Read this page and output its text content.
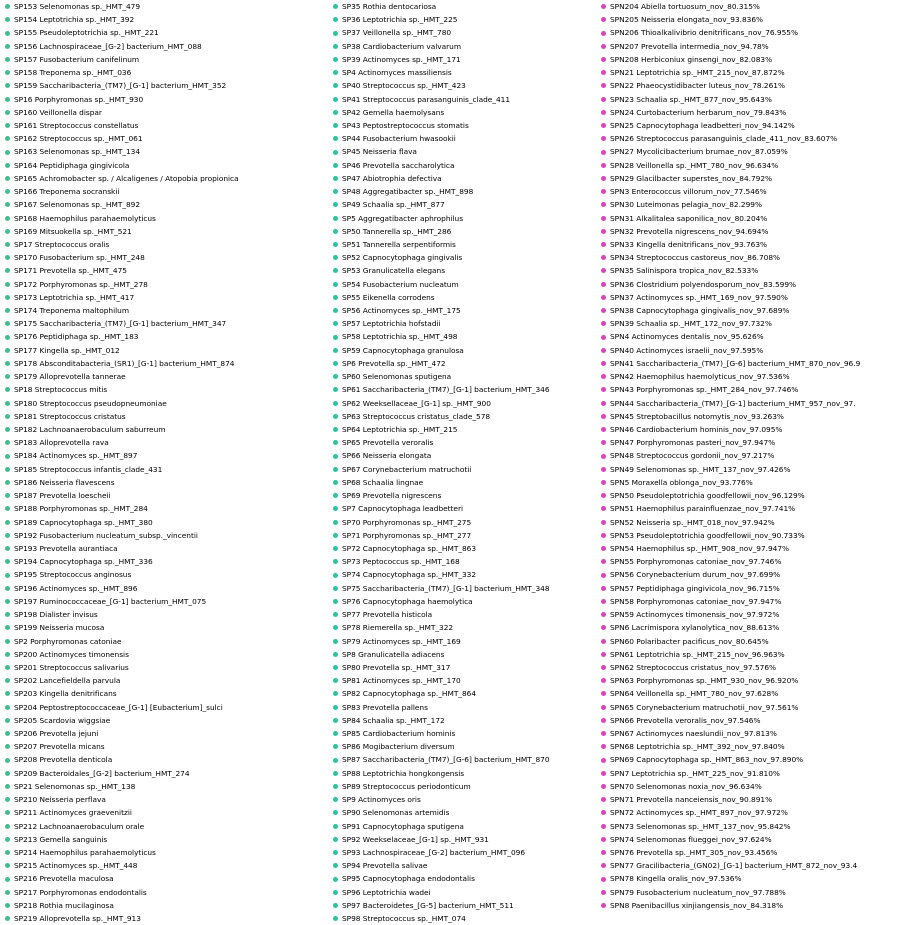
SP153 Selenomonas sp._HMT_479
SP154 Leptotrichia sp._HMT_392
SP155 Pseudoleptotrichia sp._HMT_221
SP156 Lachnospiraceae_[G-2] bacterium_HMT_088
SP157 Fusobacterium canifelinum
SP158 Treponema sp._HMT_036
SP159 Saccharibacteria_(TM7)_[G-1] bacterium_HMT_352
SP16 Porphyromonas sp._HMT_930
SP160 Veillonella dispar
SP161 Streptococcus constellatus
SP162 Streptococcus sp._HMT_061
SP163 Selenomonas sp._HMT_134
SP164 Peptidiphaga gingivicola
SP165 Achromobacter sp. / Alcaligenes / Atopobia propionica
SP166 Treponema socranskii
SP167 Selenomonas sp._HMT_892
SP168 Haemophilus parahaemolyticus
SP169 Mitsuokella sp._HMT_521
SP17 Streptococcus oralis
SP170 Fusobacterium sp._HMT_248
SP171 Prevotella sp._HMT_475
SP172 Porphyromonas sp._HMT_278
SP173 Leptotrichia sp._HMT_417
SP174 Treponema maltophilum
SP175 Saccharibacteria_(TM7)_[G-1] bacterium_HMT_347
SP176 Peptidiphaga sp._HMT_183
SP177 Kingella sp._HMT_012
SP178 Absconditabacteria_(SR1)_[G-1] bacterium_HMT_874
SP179 Alloprevotella tannerae
SP18 Streptococcus mitis
SP180 Streptococcus pseudopneumoniae
SP181 Streptococcus cristatus
SP182 Lachnoanaerobaculum saburreum
SP183 Alloprevotella rava
SP184 Actinomyces sp._HMT_897
SP185 Streptococcus infantis_clade_431
SP186 Neisseria flavescens
SP187 Prevotella loescheii
SP188 Porphyromonas sp._HMT_284
SP189 Capnocytophaga sp._HMT_380
SP192 Fusobacterium nucleatum_subsp._vincentii
SP193 Prevotella aurantiaca
SP194 Capnocytophaga sp._HMT_336
SP195 Streptococcus anginosus
SP196 Actinomyces sp._HMT_896
SP197 Ruminococcaceae_[G-1] bacterium_HMT_075
SP198 Dialister invisus
SP199 Neisseria mucosa
SP2 Porphyromonas catoniae
SP200 Actinomyces timonensis
SP201 Streptococcus salivarius
SP202 Lancefieldella parvula
SP203 Kingella denitrificans
SP204 Peptostreptococcaceae_[G-1] [Eubacterium]_sulci
SP205 Scardovia wiggsiae
SP206 Prevotella jejuni
SP207 Prevotella micans
SP208 Prevotella denticola
SP209 Bacteroidales_[G-2] bacterium_HMT_274
SP21 Selenomonas sp._HMT_138
SP210 Neisseria perflava
SP211 Actinomyces graevenitzii
SP212 Lachnoanaerobaculum orale
SP213 Gemella sanguinis
SP214 Haemophilus parahaemolyticus
SP215 Actinomyces sp._HMT_448
SP216 Prevotella maculosa
SP217 Porphyromonas endodontalis
SP218 Rothia mucilaginosa
SP219 Alloprevotella sp._HMT_913
SP35 Rothia dentocariosa
SP36 Leptotrichia sp._HMT_225
SP37 Veillonella sp._HMT_780
SP38 Cardiobacterium valvarum
SP39 Actinomyces sp._HMT_171
SP4 Actinomyces massiliensis
SP40 Streptococcus sp._HMT_423
SP41 Streptococcus parasanguinis_clade_411
SP42 Gemella haemolysans
SP43 Peptostreptococcus stomatis
SP44 Fusobacterium hwasookii
SP45 Neisseria flava
SP46 Prevotella saccharolytica
SP47 Abiotrophia defectiva
SP48 Aggregatibacter sp._HMT_898
SP49 Schaalia sp._HMT_877
SP5 Aggregatibacter aphrophilus
SP50 Tannerella sp._HMT_286
SP51 Tannerella serpentiformis
SP52 Capnocytophaga gingivalis
SP53 Granulicatella elegans
SP54 Fusobacterium nucleatum
SP55 Eikenella corrodens
SP56 Actinomyces sp._HMT_175
SP57 Leptotrichia hofstadii
SP58 Leptotrichia sp._HMT_498
SP59 Capnocytophaga granulosa
SP6 Prevotella sp._HMT_472
SP60 Selenomonas sputigena
SP61 Saccharibacteria_(TM7)_[G-1] bacterium_HMT_346
SP62 Weeksellaceae_[G-1] sp._HMT_900
SP63 Streptococcus cristatus_clade_578
SP64 Leptotrichia sp._HMT_215
SP65 Prevotella veroralis
SP66 Neisseria elongata
SP67 Corynebacterium matruchotii
SP68 Schaalia lingnae
SP69 Prevotella nigrescens
SP7 Capnocytophaga leadbetteri
SP70 Porphyromonas sp._HMT_275
SP71 Porphyromonas sp._HMT_277
SP72 Capnocytophaga sp._HMT_863
SP73 Peptococcus sp._HMT_168
SP74 Capnocytophaga sp._HMT_332
SP75 Saccharibacteria_(TM7)_[G-1] bacterium_HMT_348
SP76 Capnocytophaga haemolytica
SP77 Prevotella histicola
SP78 Riemerella sp._HMT_322
SP79 Actinomyces sp._HMT_169
SP8 Granulicatella adiacens
SP80 Prevotella sp._HMT_317
SP81 Actinomyces sp._HMT_170
SP82 Capnocytophaga sp._HMT_864
SP83 Prevotella pallens
SP84 Schaalia sp._HMT_172
SP85 Cardiobacterium hominis
SP86 Mogibacterium diversum
SP87 Saccharibacteria_(TM7)_[G-6] bacterium_HMT_870
SP88 Leptotrichia hongkongensis
SP89 Streptococcus periodonticum
SP9 Actinomyces oris
SP90 Selenomonas artemidis
SP91 Capnocytophaga sputigena
SP92 Weekselaceae_[G-1] sp._HMT_931
SP93 Lachnospiraceae_[G-2] bacterium_HMT_096
SP94 Prevotella salivae
SP95 Capnocytophaga endodontalis
SP96 Leptotrichia wadei
SP97 Bacteroidetes_[G-5] bacterium_HMT_511
SP98 Streptococcus sp._HMT_074
SPN204 Abiella tortuosum_nov_80.315%
SPN205 Neisseria elongata_nov_93.836%
SPN206 Thioalkalivibrio denitrificans_nov_76.955%
SPN207 Prevotella intermedia_nov_94.78%
SPN208 Herbiconiux ginsengi_nov_82.083%
SPN21 Leptotrichia sp._HMT_215_nov_87.872%
SPN22 Phaeocystidibacter luteus_nov_78.261%
SPN23 Schaalia sp._HMT_877_nov_95.643%
SPN24 Curtobacterium herbarum_nov_79.843%
SPN25 Capnocytophaga leadbetteri_nov_94.142%
SPN26 Streptococcus parasanguinis_clade_411_nov_83.607%
SPN27 Mycolicibacterium brumae_nov_87.059%
SPN28 Veillonella sp._HMT_780_nov_96.634%
SPN29 Glacilbacter superstes_nov_84.792%
SPN3 Enterococcus villorum_nov_77.546%
SPN30 Luteimonas pelagia_nov_82.299%
SPN31 Alkalitalea saponilica_nov_80.204%
SPN32 Prevotella nigrescens_nov_94.694%
SPN33 Kingella denitrificans_nov_93.763%
SPN34 Streptococcus castoreus_nov_86.708%
SPN35 Salinispora tropica_nov_82.533%
SPN36 Clostridium polyendosporum_nov_83.599%
SPN37 Actinomyces sp._HMT_169_nov_97.590%
SPN38 Capnocytophaga gingivalis_nov_97.689%
SPN39 Schaalia sp._HMT_172_nov_97.732%
SPN4 Actinomyces dentalis_nov_95.626%
SPN40 Actinomyces israelii_nov_97.595%
SPN41 Saccharibacteria_(TM7)_[G-6] bacterium_HMT_870_nov_96.9
SPN42 Haemophilus haemolyticus_nov_97.536%
SPN43 Porphyromonas sp._HMT_284_nov_97.746%
SPN44 Saccharibacteria_(TM7)_[G-1] bacterium_HMT_957_nov_97.
SPN45 Streptobacillus notomytis_nov_93.263%
SPN46 Cardiobacterium hominis_nov_97.095%
SPN47 Porphyromonas pasteri_nov_97.947%
SPN48 Streptococcus gordonii_nov_97.217%
SPN49 Selenomonas sp._HMT_137_nov_97.426%
SPN5 Moraxella oblonga_nov_93.776%
SPN50 Pseudoleptotrichia goodfellowii_nov_96.129%
SPN51 Haemophilus parainfluenzae_nov_97.741%
SPN52 Neisseria sp._HMT_018_nov_97.942%
SPN53 Pseudoleptotrichia goodfellowii_nov_90.733%
SPN54 Haemophilus sp._HMT_908_nov_97.947%
SPN55 Porphyromonas catoniae_nov_97.746%
SPN56 Corynebacterium durum_nov_97.699%
SPN57 Peptidiphaga gingivicola_nov_96.715%
SPN58 Porphyromonas catoniae_nov_97.947%
SPN59 Actinomyces timonensis_nov_97.972%
SPN6 Lacrimispora xylanolytica_nov_88.613%
SPN60 Polaribacter pacificus_nov_80.645%
SPN61 Leptotrichia sp._HMT_215_nov_96.963%
SPN62 Streptococcus cristatus_nov_97.576%
SPN63 Porphyromonas sp._HMT_930_nov_96.920%
SPN64 Veillonella sp._HMT_780_nov_97.628%
SPN65 Corynebacterium matruchotii_nov_97.561%
SPN66 Prevotella veroralis_nov_97.546%
SPN67 Actinomyces naeslundii_nov_97.813%
SPN68 Leptotrichia sp._HMT_392_nov_97.840%
SPN69 Capnocytophaga sp._HMT_863_nov_97.890%
SPN7 Leptotrichia sp._HMT_225_nov_91.810%
SPN70 Selenomonas noxia_nov_96.634%
SPN71 Prevotella nanceiensis_nov_90.891%
SPN72 Actinomyces sp._HMT_897_nov_97.972%
SPN73 Selenomonas sp._HMT_137_nov_95.842%
SPN74 Selenomonas flueggei_nov_97.624%
SPN76 Prevotella sp._HMT_305_nov_93.456%
SPN77 Gracilibacteria_(GN02)_[G-1] bacterium_HMT_872_nov_93.4
SPN78 Kingella oralis_nov_97.536%
SPN79 Fusobacterium nucleatum_nov_97.788%
SPN8 Paenibacillus xinjiangensis_nov_84.318%
